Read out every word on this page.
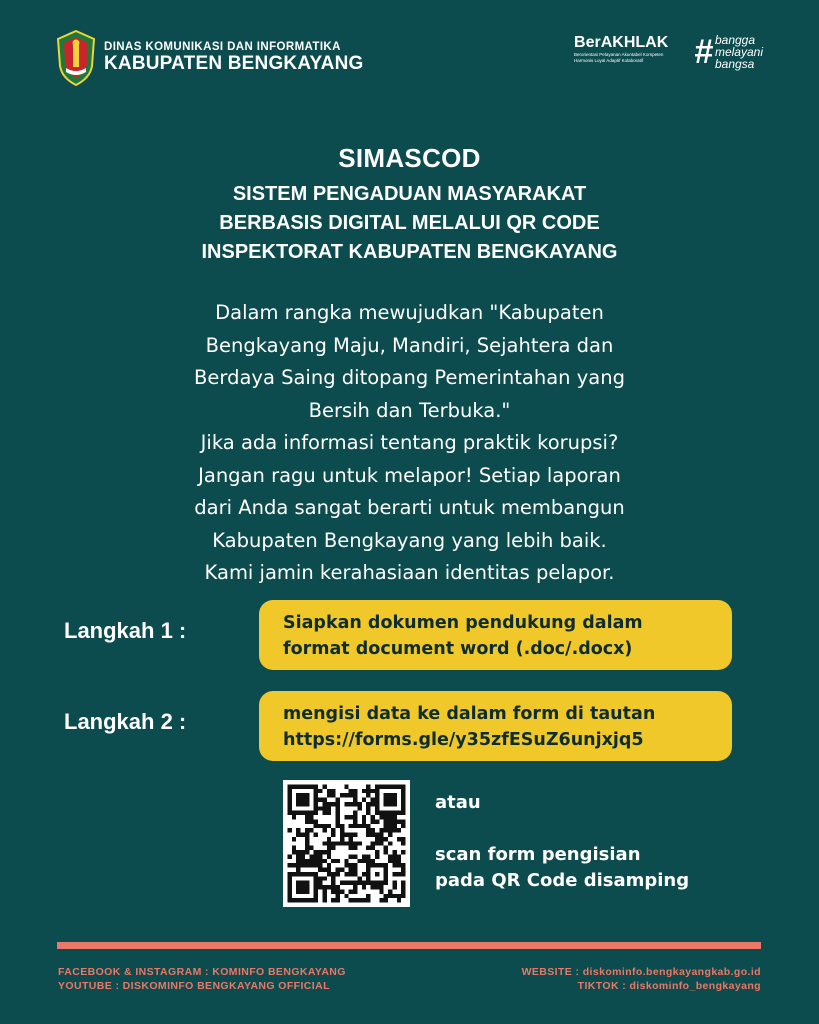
DINAS KOMUNIKASI DAN INFORMATIKA
KABUPATEN BENGKAYANG
BerAKHLAK
Berorientasi Pelayanan Akuntabel Kompeten
Harmonis Loyal Adaptif Kolaboratif	# bangga
melayani
bangsa
SIMASCOD
SISTEM PENGADUAN MASYARAKAT
BERBASIS DIGITAL MELALUI QR CODE
INSPEKTORAT KABUPATEN BENGKAYANG
Dalam rangka mewujudkan "Kabupaten
Bengkayang Maju, Mandiri, Sejahtera dan
Berdaya Saing ditopang Pemerintahan yang
Bersih dan Terbuka."
Jika ada informasi tentang praktik korupsi?
Jangan ragu untuk melapor! Setiap laporan
dari Anda sangat berarti untuk membangun
Kabupaten Bengkayang yang lebih baik.
Kami jamin kerahasiaan identitas pelapor.
Langkah 1 :	Siapkan dokumen pendukung dalam
format document word (.doc/.docx)
Langkah 2 :	mengisi data ke dalam form di tautan
https://forms.gle/y35zfESuZ6unjxjq5
atau
scan form pengisian
pada QR Code disamping
FACEBOOK & INSTAGRAM : KOMINFO BENGKAYANG
YOUTUBE : DISKOMINFO BENGKAYANG OFFICIAL
WEBSITE : diskominfo.bengkayangkab.go.id
TIKTOK : diskominfo_bengkayang
